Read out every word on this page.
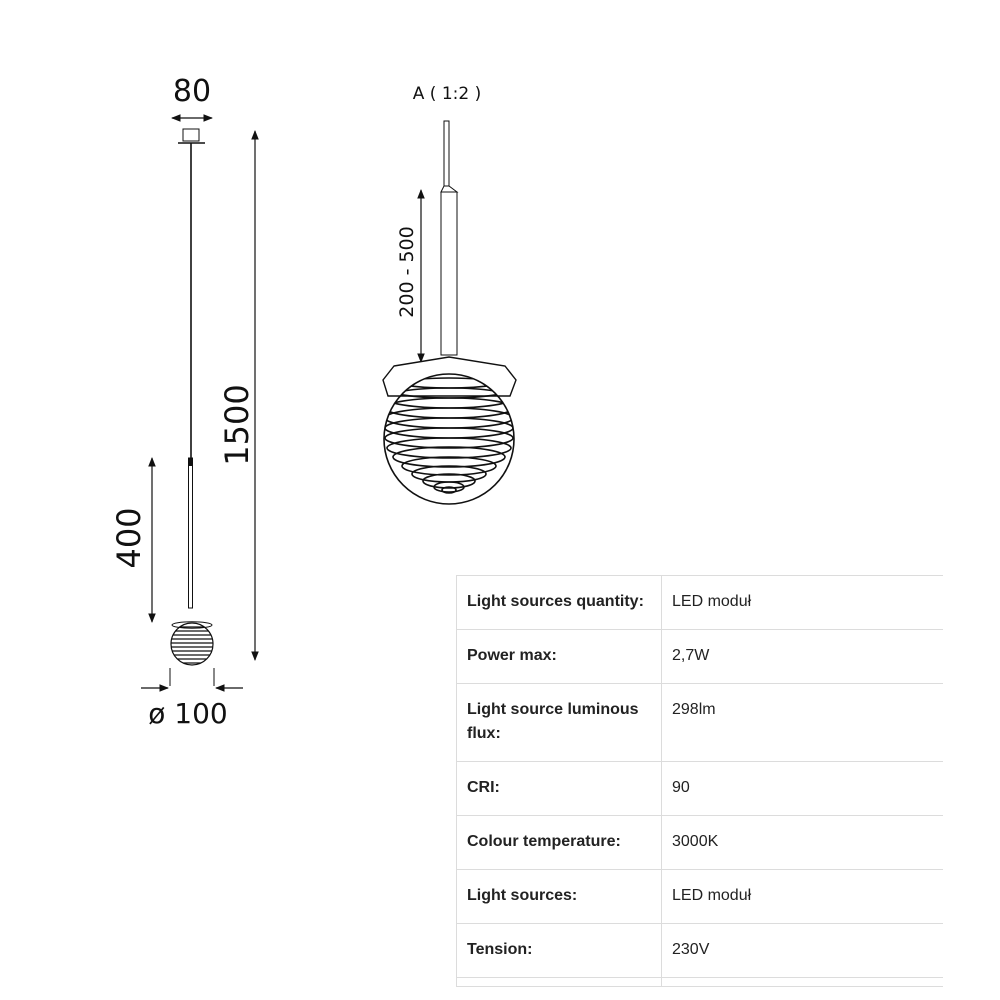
80
1500
400
ø 100
A ( 1:2 )
200 - 500
Light sources quantity:	LED moduł
Power max:	2,7W
Light source luminous flux:	298lm
CRI:	90
Colour temperature:	3000K
Light sources:	LED moduł
Tension:	230V
